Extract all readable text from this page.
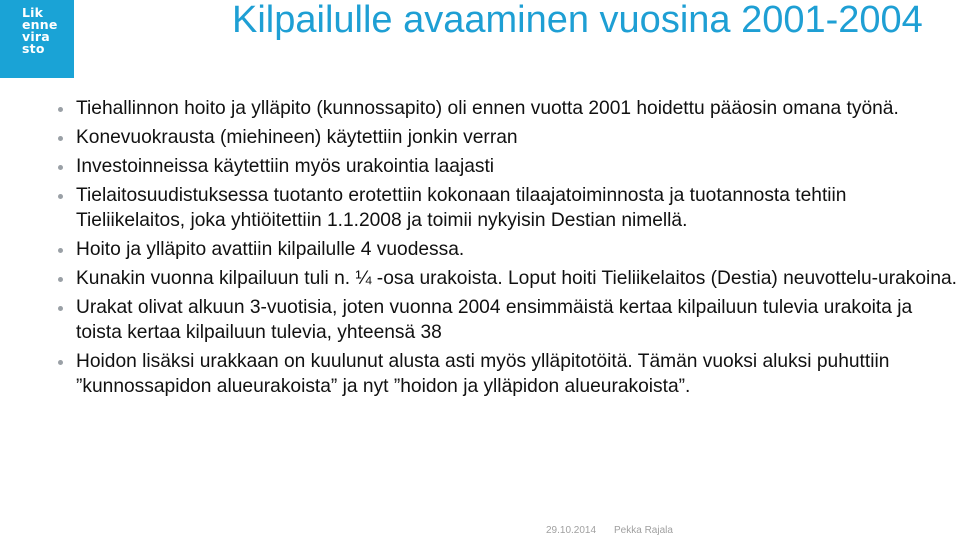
Lik
enne
vira
sto
Kilpailulle avaaminen vuosina 2001-2004
Tiehallinnon hoito ja ylläpito (kunnossapito) oli ennen vuotta 2001 hoidettu pääosin omana työnä.
Konevuokrausta (miehineen) käytettiin jonkin verran
Investoinneissa käytettiin myös urakointia laajasti
Tielaitosuudistuksessa tuotanto erotettiin kokonaan tilaajatoiminnosta ja tuotannosta tehtiin Tieliikelaitos, joka yhtiöitettiin 1.1.2008 ja toimii nykyisin Destian nimellä.
Hoito ja ylläpito avattiin kilpailulle 4 vuodessa.
Kunakin vuonna kilpailuun tuli n. ¼ -osa urakoista. Loput hoiti Tieliikelaitos (Destia) neuvottelu-urakoina.
Urakat olivat alkuun 3-vuotisia, joten vuonna 2004 ensimmäistä kertaa kilpailuun tulevia urakoita ja toista kertaa kilpailuun tulevia, yhteensä 38
Hoidon lisäksi urakkaan on kuulunut alusta asti myös ylläpitotöitä. Tämän vuoksi aluksi puhuttiin ”kunnossapidon alueurakoista” ja nyt ”hoidon ja ylläpidon alueurakoista”.
29.10.2014 Pekka Rajala
